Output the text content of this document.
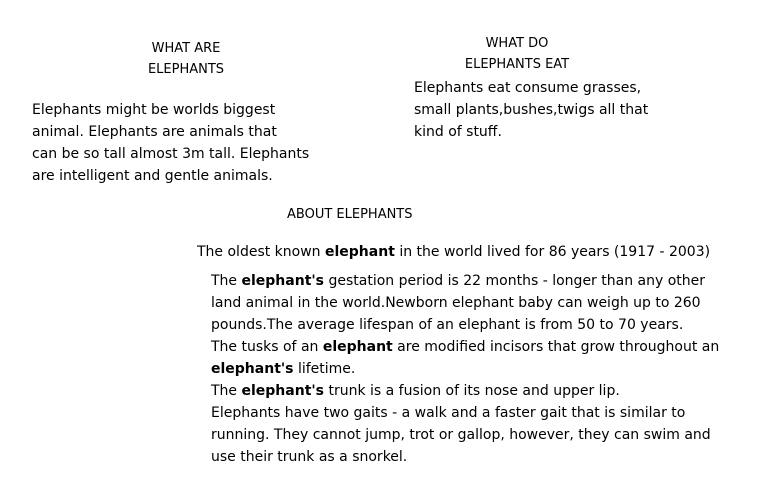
WHAT ARE
ELEPHANTS
Elephants might be worlds biggest
animal. Elephants are animals that
can be so tall almost 3m tall. Elephants
are intelligent and gentle animals.
WHAT DO
ELEPHANTS EAT
Elephants eat consume grasses,
small plants,bushes,twigs all that
kind of stuff.
ABOUT ELEPHANTS
The oldest known elephant in the world lived for 86 years (1917 - 2003)
The elephant's gestation period is 22 months - longer than any other
land animal in the world.Newborn elephant baby can weigh up to 260
pounds.The average lifespan of an elephant is from 50 to 70 years.
The tusks of an elephant are modified incisors that grow throughout an
elephant's lifetime.
The elephant's trunk is a fusion of its nose and upper lip.
Elephants have two gaits - a walk and a faster gait that is similar to
running. They cannot jump, trot or gallop, however, they can swim and
use their trunk as a snorkel.
